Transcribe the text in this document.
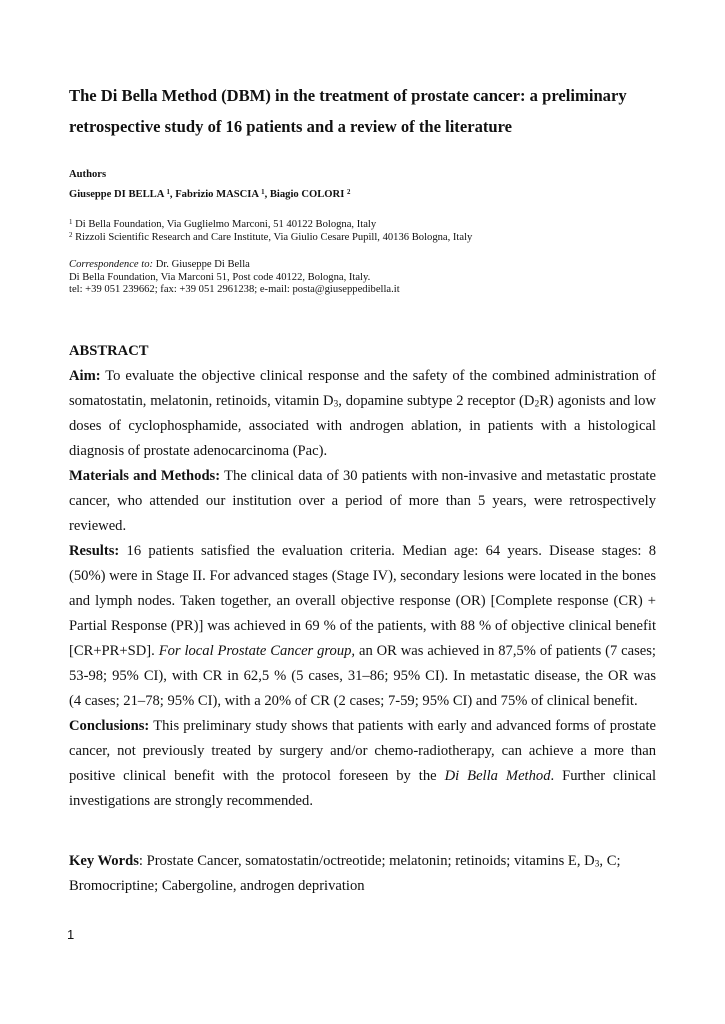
The Di Bella Method (DBM) in the treatment of prostate cancer: a preliminary
retrospective study of 16 patients and a review of the literature
Authors
Giuseppe DI BELLA $^1$, Fabrizio MASCIA $^1$, Biagio COLORI $^2$
$^1$ Di Bella Foundation, Via Guglielmo Marconi, 51 40122 Bologna, Italy
$^2$ Rizzoli Scientific Research and Care Institute, Via Giulio Cesare Pupill, 40136 Bologna, Italy
Correspondence to: Dr. Giuseppe Di Bella
Di Bella Foundation, Via Marconi 51, Post code 40122, Bologna, Italy.
tel: +39 051 239662; fax: +39 051 2961238; e-mail: posta@giuseppedibella.it
ABSTRACT
Aim: To evaluate the objective clinical response and the safety of the combined administration of
somatostatin, melatonin, retinoids, vitamin $D_3$, dopamine subtype 2 receptor $(D_2R)$ agonists and low
doses of cyclophosphamide, associated with androgen ablation, in patients with a histological
diagnosis of prostate adenocarcinoma (Pac).
Materials and Methods: The clinical data of 30 patients with non-invasive and metastatic prostate
cancer, who attended our institution over a period of more than 5 years, were retrospectively
reviewed.
Results: 16 patients satisfied the evaluation criteria. Median age: 64 years. Disease stages: 8
(50%) were in Stage II. For advanced stages (Stage IV), secondary lesions were located in the bones
and lymph nodes. Taken together, an overall objective response (OR) [Complete response (CR) +
Partial Response (PR)] was achieved in 69 % of the patients, with 88 % of objective clinical benefit
[CR+PR+SD]. For local Prostate Cancer group, an OR was achieved in 87,5% of patients (7 cases;
53-98; 95% CI), with CR in 62,5 % (5 cases, 31–86; 95% CI). In metastatic disease, the OR was
(4 cases; 21–78; 95% CI), with a 20% of CR (2 cases; 7-59; 95% CI) and 75% of clinical benefit.
Conclusions: This preliminary study shows that patients with early and advanced forms of prostate
cancer, not previously treated by surgery and/or chemo-radiotherapy, can achieve a more than
positive clinical benefit with the protocol foreseen by the Di Bella Method. Further clinical
investigations are strongly recommended.
Key Words: Prostate Cancer, somatostatin/octreotide; melatonin; retinoids; vitamins E, $D_3$, C;
Bromocriptine; Cabergoline, androgen deprivation
1
